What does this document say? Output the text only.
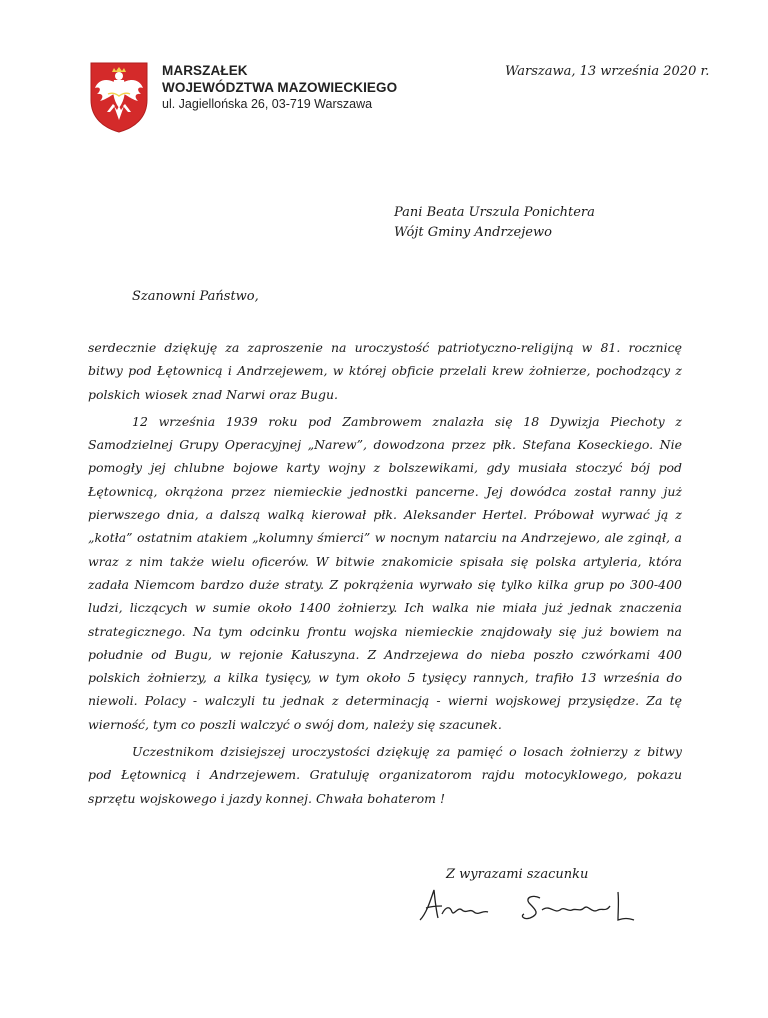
MARSZAŁEK
WOJEWÓDZTWA MAZOWIECKIEGO
ul. Jagiellońska 26, 03-719 Warszawa
Warszawa, 13 września 2020 r.
Pani Beata Urszula Ponichtera
Wójt Gminy Andrzejewo
Szanowni Państwo,

serdecznie dziękuję za zaproszenie na uroczystość patriotyczno-religijną w 81. rocznicę bitwy pod Łętownicą i Andrzejewem, w której obficie przelali krew żołnierze, pochodzący z polskich wiosek znad Narwi oraz Bugu.

12 września 1939 roku pod Zambrowem znalazła się 18 Dywizja Piechoty z Samodzielnej Grupy Operacyjnej „Narew”, dowodzona przez płk. Stefana Koseckiego. Nie pomogły jej chlubne bojowe karty wojny z bolszewikami, gdy musiała stoczyć bój pod Łętownicą, okrążona przez niemieckie jednostki pancerne. Jej dowódca został ranny już pierwszego dnia, a dalszą walką kierował płk. Aleksander Hertel. Próbował wyrwać ją z „kotła” ostatnim atakiem „kolumny śmierci” w nocnym natarciu na Andrzejewo, ale zginął, a wraz z nim także wielu oficerów. W bitwie znakomicie spisała się polska artyleria, która zadała Niemcom bardzo duże straty. Z pokrążenia wyrwało się tylko kilka grup po 300-400 ludzi, liczących w sumie około 1400 żołnierzy. Ich walka nie miała już jednak znaczenia strategicznego. Na tym odcinku frontu wojska niemieckie znajdowały się już bowiem na południe od Bugu, w rejonie Kałuszyna. Z Andrzejewa do nieba poszło czwórkami 400 polskich żołnierzy, a kilka tysięcy, w tym około 5 tysięcy rannych, trafiło 13 września do niewoli. Polacy - walczyli tu jednak z determinacją - wierni wojskowej przysiędze. Za tę wierność, tym co poszli walczyć o swój dom, należy się szacunek.

Uczestnikom dzisiejszej uroczystości dziękuję za pamięć o losach żołnierzy z bitwy pod Łętownicą i Andrzejewem. Gratuluję organizatorom rajdu motocyklowego, pokazu sprzętu wojskowego i jazdy konnej. Chwała bohaterom !

Z wyrazami szacunku
